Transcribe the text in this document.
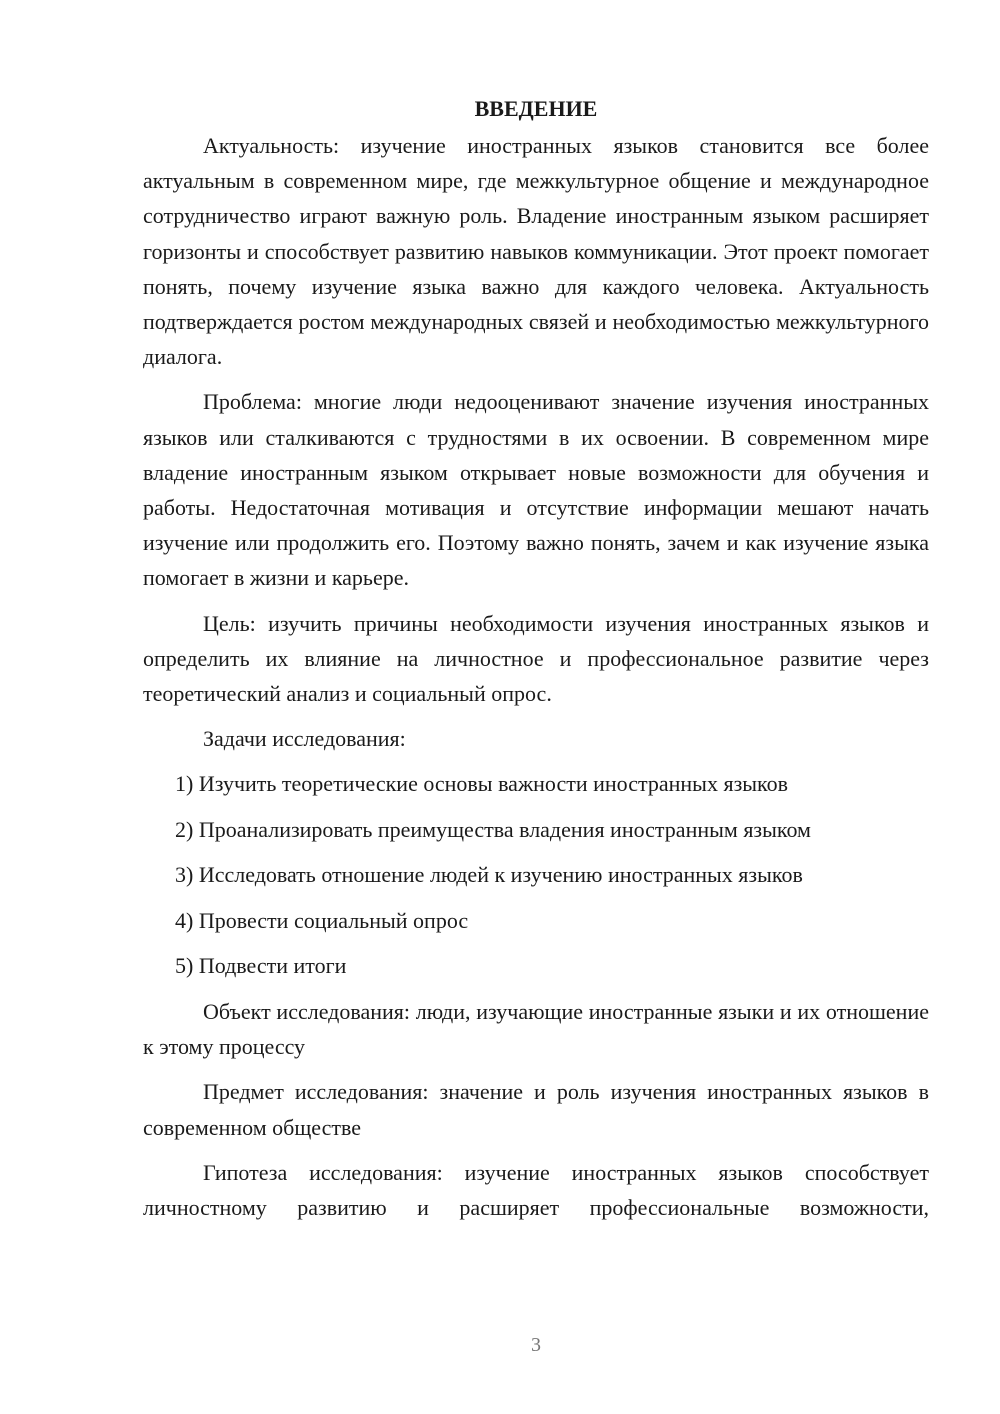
ВВЕДЕНИЕ

Актуальность: изучение иностранных языков становится все более актуальным в современном мире, где межкультурное общение и международное сотрудничество играют важную роль. Владение иностранным языком расширяет горизонты и способствует развитию навыков коммуникации. Этот проект помогает понять, почему изучение языка важно для каждого человека. Актуальность подтверждается ростом международных связей и необходимостью межкультурного диалога.

Проблема: многие люди недооценивают значение изучения иностранных языков или сталкиваются с трудностями в их освоении. В современном мире владение иностранным языком открывает новые возможности для обучения и работы. Недостаточная мотивация и отсутствие информации мешают начать изучение или продолжить его. Поэтому важно понять, зачем и как изучение языка помогает в жизни и карьере.

Цель: изучить причины необходимости изучения иностранных языков и определить их влияние на личностное и профессиональное развитие через теоретический анализ и социальный опрос.

Задачи исследования:

1) Изучить теоретические основы важности иностранных языков
2) Проанализировать преимущества владения иностранным языком
3) Исследовать отношение людей к изучению иностранных языков
4) Провести социальный опрос
5) Подвести итоги

Объект исследования: люди, изучающие иностранные языки и их отношение к этому процессу

Предмет исследования: значение и роль изучения иностранных языков в современном обществе

Гипотеза исследования: изучение иностранных языков способствует личностному развитию и расширяет профессиональные возможности,

3
